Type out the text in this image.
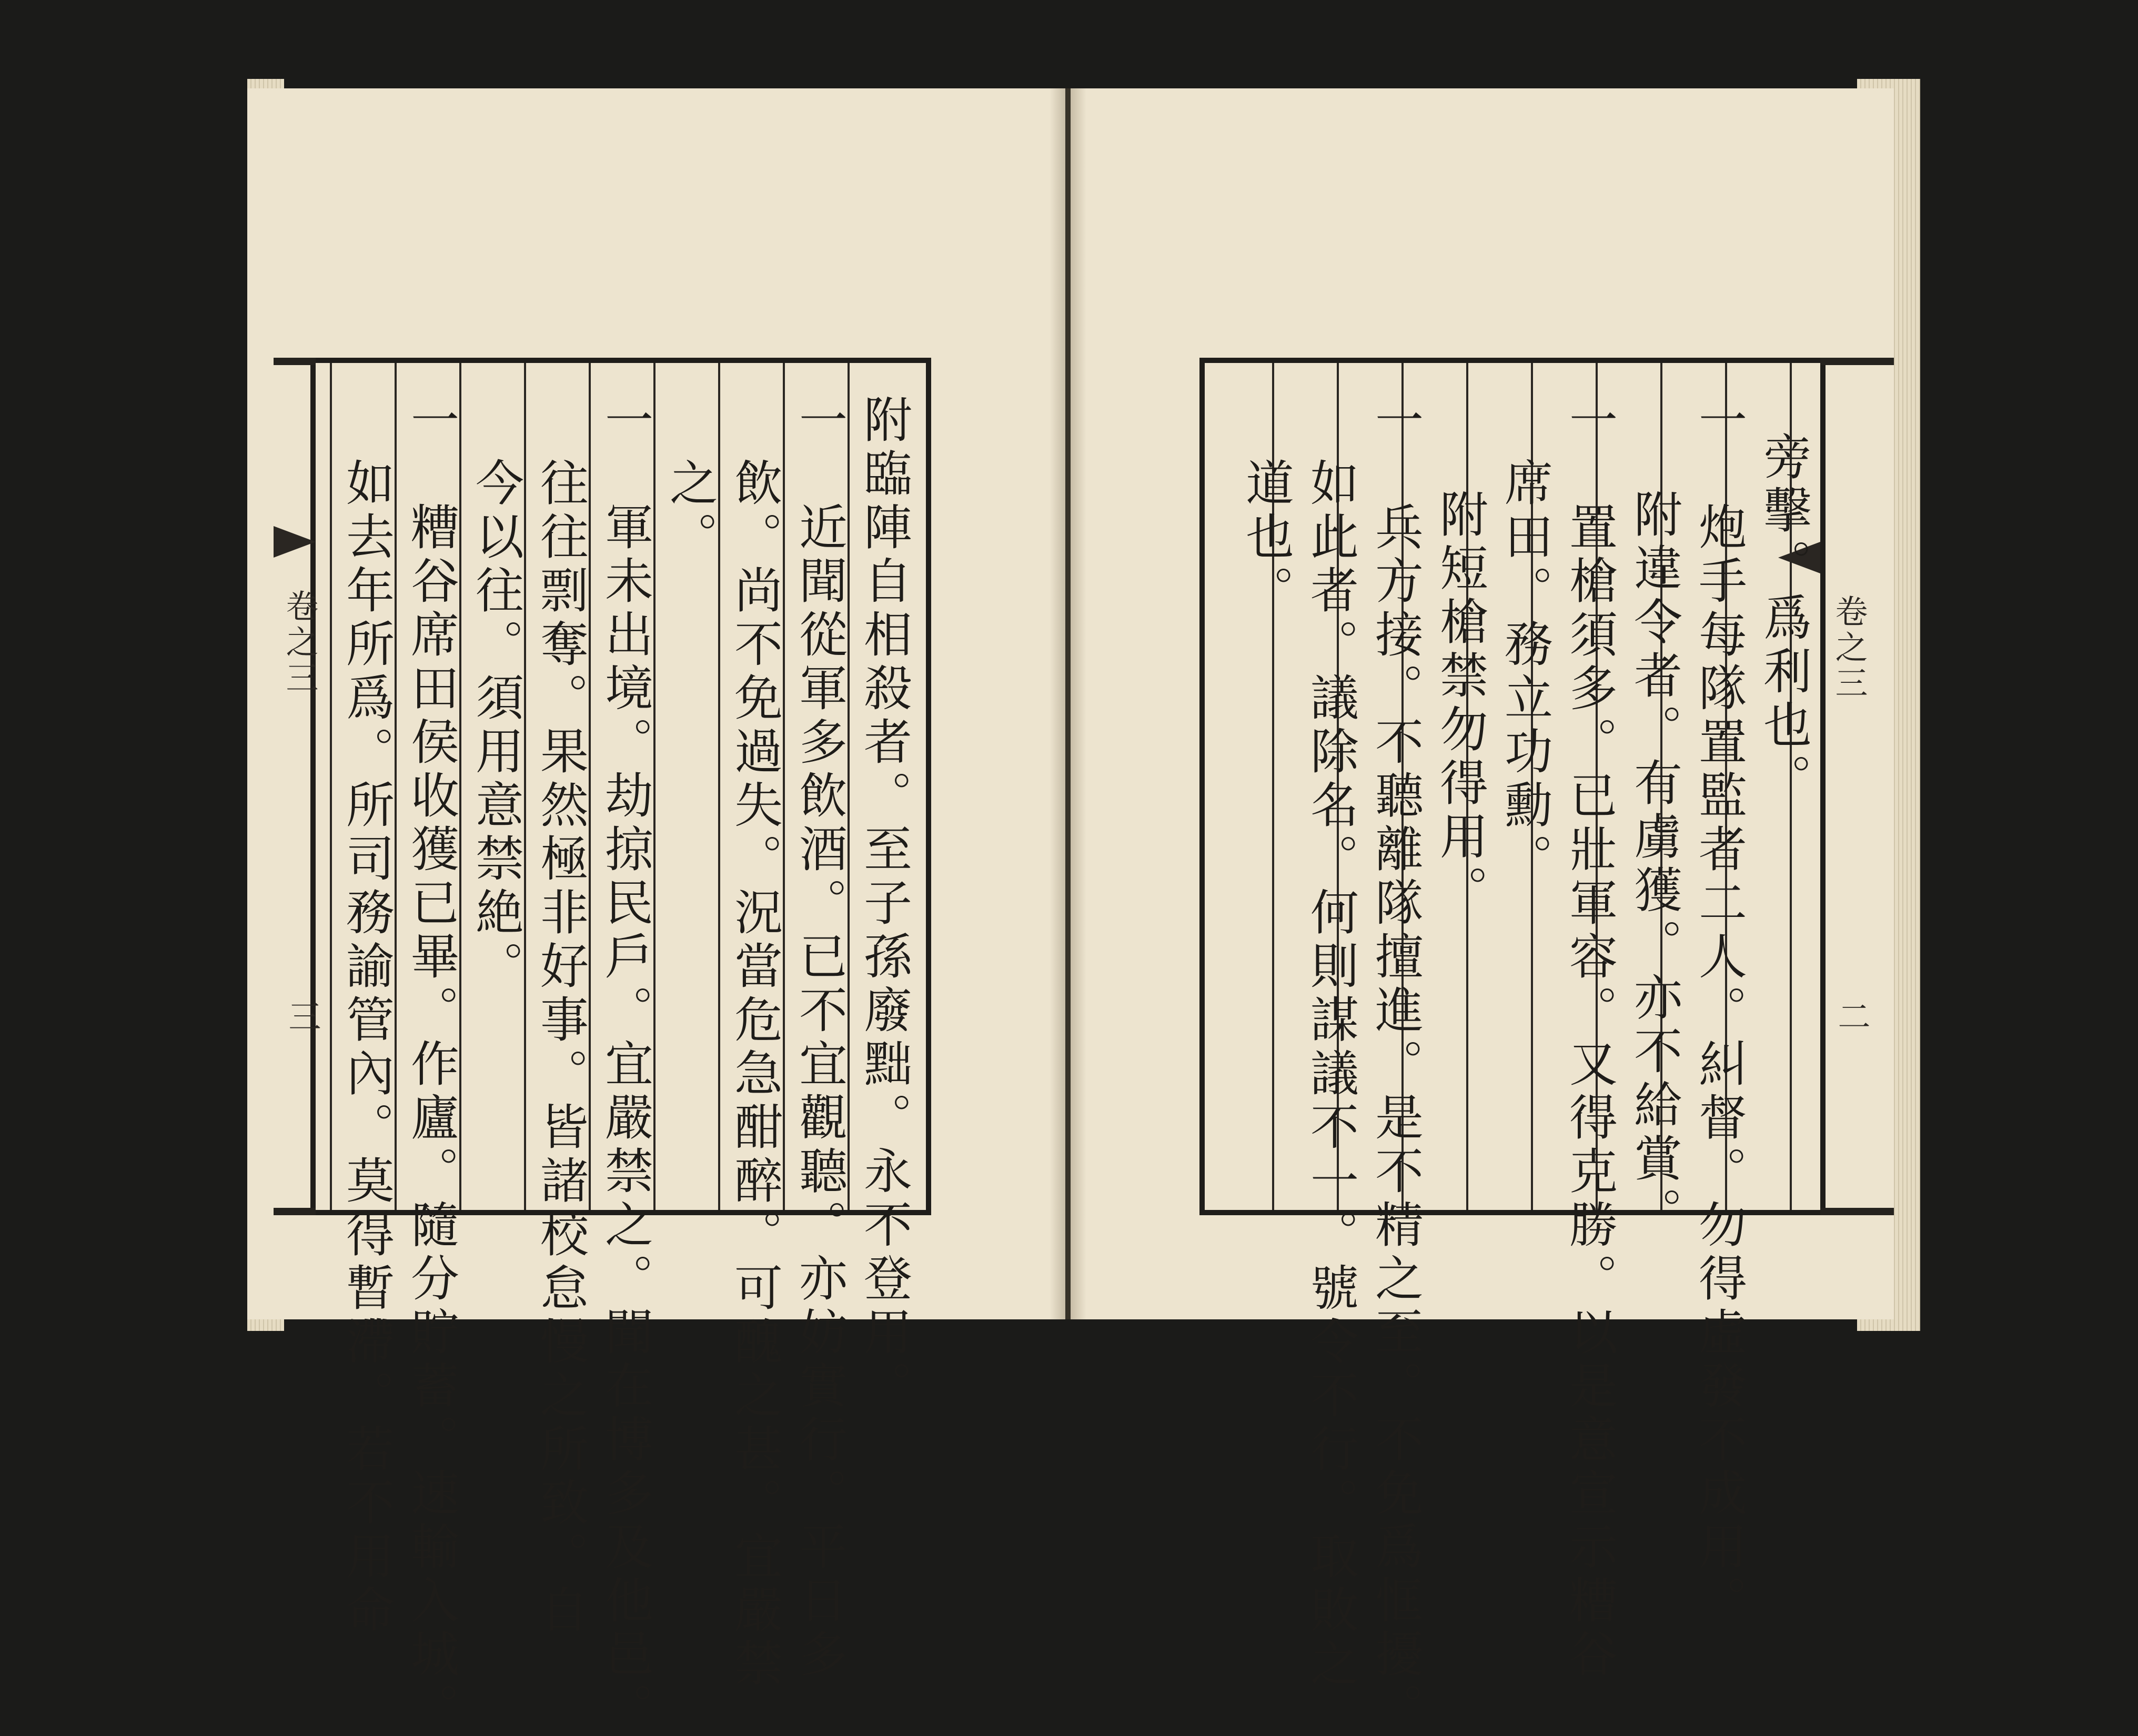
卷之三
三	附臨陣自相殺者。至子孫廢黜。永不登用。
一　近聞從軍多飲酒。已不宜觀聽。亦妨實行。平日多
飲。尚不免過失。況當危急酣醉。可醜之甚。宜嚴禁
之。
一　軍未出境。劫掠民戶。宜嚴禁之。聞在博多及他邑。
往往剽奪。果然極非好事。皆諸校怠慢之所致。自
今以往。須用意禁絶。
一　糟谷席田侯收獲已畢。作廬。隨分貯蓄。速輸入城。
如去年所爲。所司務諭管內。莫得暫滯。若不用命	卷之三
二
旁擊。爲利也。
一　炮手每隊置監者二人。糾督。勿得虛發不成用。
附違令者。有虜獲。亦不給賞。
一　置槍須多。已壯軍容。又得克勝。以是意宣示糟谷
席田。務立功勳。
附短槍禁勿得用。
一　兵方接。不聽離隊擅進。是不精之至。不免爲恇擾。
如此者。議除名。何則謀議不一。號令不行。取敗之
道也。
